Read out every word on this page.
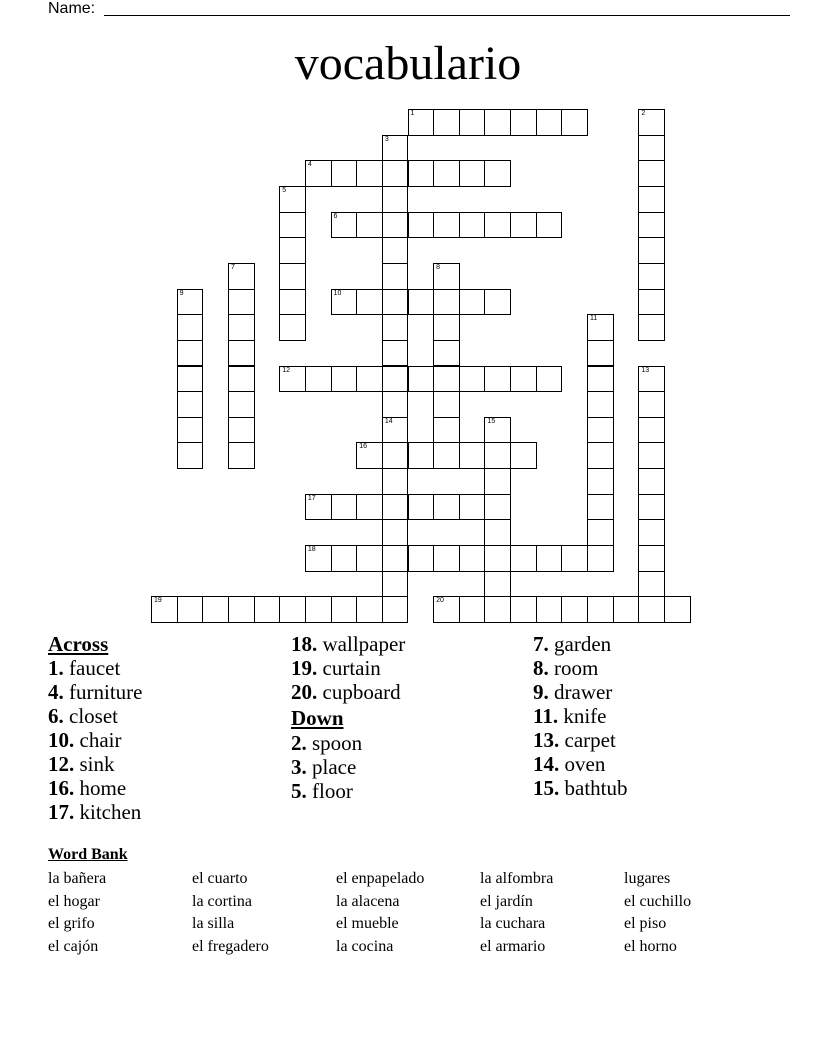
Name:
vocabulario
1
4
6
10
12
16
17
18
19	20
2
3
14
5
7	8
9
11
13
15
Across
1. faucet
4. furniture
6. closet
10. chair
12. sink
16. home
17. kitchen
18. wallpaper
19. curtain
20. cupboard
Down
2. spoon
3. place
5. floor
7. garden
8. room
9. drawer
11. knife
13. carpet
14. oven
15. bathtub
Word Bank
la bañera
el hogar
el grifo
el cajón
el cuarto
la cortina
la silla
el fregadero
el enpapelado
la alacena
el mueble
la cocina
la alfombra
el jardín
la cuchara
el armario
lugares
el cuchillo
el piso
el horno
